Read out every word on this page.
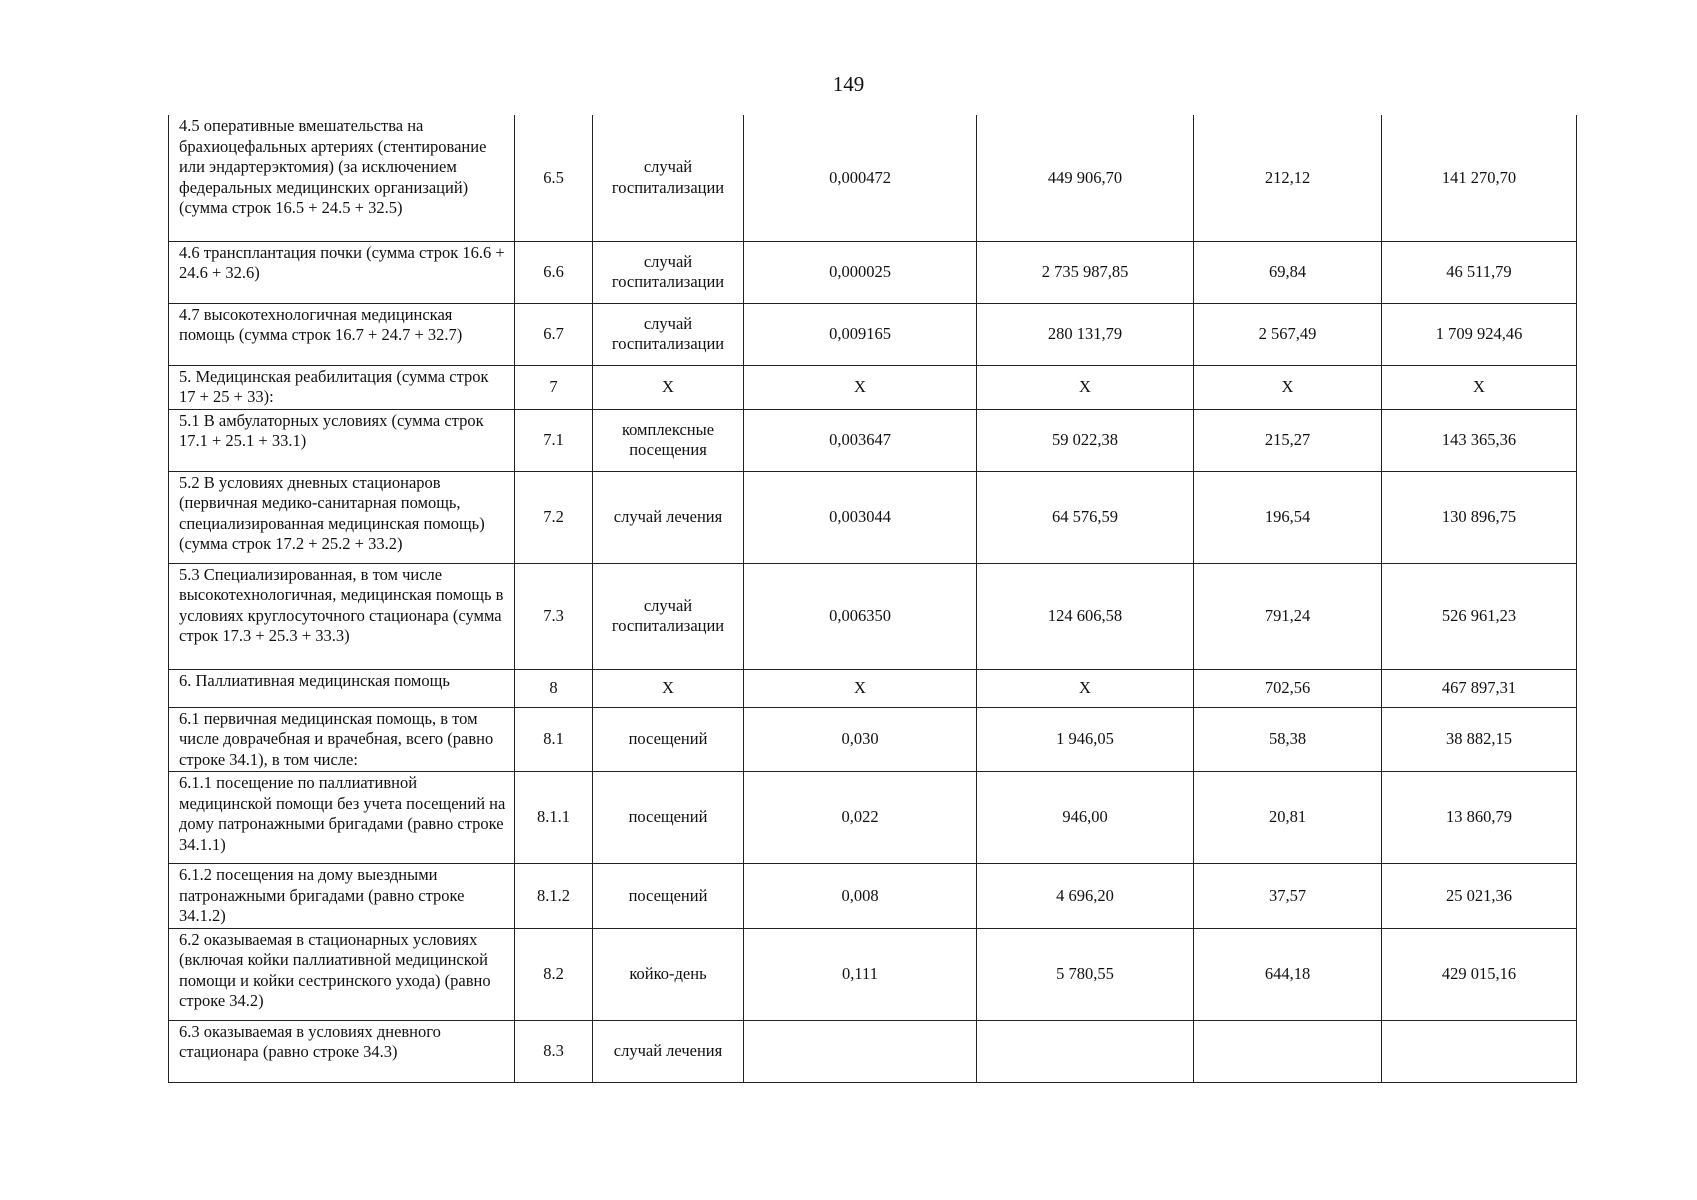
149
4.5 оперативные вмешательства на брахиоцефальных артериях (стентирование или эндартерэктомия) (за исключением федеральных медицинских организаций) (сумма строк 16.5 + 24.5 + 32.5)	6.5	случай госпитализации	0,000472	449 906,70	212,12	141 270,70
4.6 трансплантация почки (сумма строк 16.6 + 24.6 + 32.6)	6.6	случай госпитализации	0,000025	2 735 987,85	69,84	46 511,79
4.7 высокотехнологичная медицинская помощь (сумма строк 16.7 + 24.7 + 32.7)	6.7	случай госпитализации	0,009165	280 131,79	2 567,49	1 709 924,46
5. Медицинская реабилитация (сумма строк 17 + 25 + 33):	7	X	X	X	X	X
5.1 В амбулаторных условиях (сумма строк 17.1 + 25.1 + 33.1)	7.1	комплексные посещения	0,003647	59 022,38	215,27	143 365,36
5.2 В условиях дневных стационаров (первичная медико-санитарная помощь, специализированная медицинская помощь) (сумма строк 17.2 + 25.2 + 33.2)	7.2	случай лечения	0,003044	64 576,59	196,54	130 896,75
5.3 Специализированная, в том числе высокотехнологичная, медицинская помощь в условиях круглосуточного стационара (сумма строк 17.3 + 25.3 + 33.3)	7.3	случай госпитализации	0,006350	124 606,58	791,24	526 961,23
6. Паллиативная медицинская помощь	8	X	X	X	702,56	467 897,31
6.1 первичная медицинская помощь, в том числе доврачебная и врачебная, всего (равно строке 34.1), в том числе:	8.1	посещений	0,030	1 946,05	58,38	38 882,15
6.1.1 посещение по паллиативной медицинской помощи без учета посещений на дому патронажными бригадами (равно строке 34.1.1)	8.1.1	посещений	0,022	946,00	20,81	13 860,79
6.1.2 посещения на дому выездными патронажными бригадами (равно строке 34.1.2)	8.1.2	посещений	0,008	4 696,20	37,57	25 021,36
6.2 оказываемая в стационарных условиях (включая койки паллиативной медицинской помощи и койки сестринского ухода) (равно строке 34.2)	8.2	койко-день	0,111	5 780,55	644,18	429 015,16
6.3 оказываемая в условиях дневного стационара (равно строке 34.3)	8.3	случай лечения				
